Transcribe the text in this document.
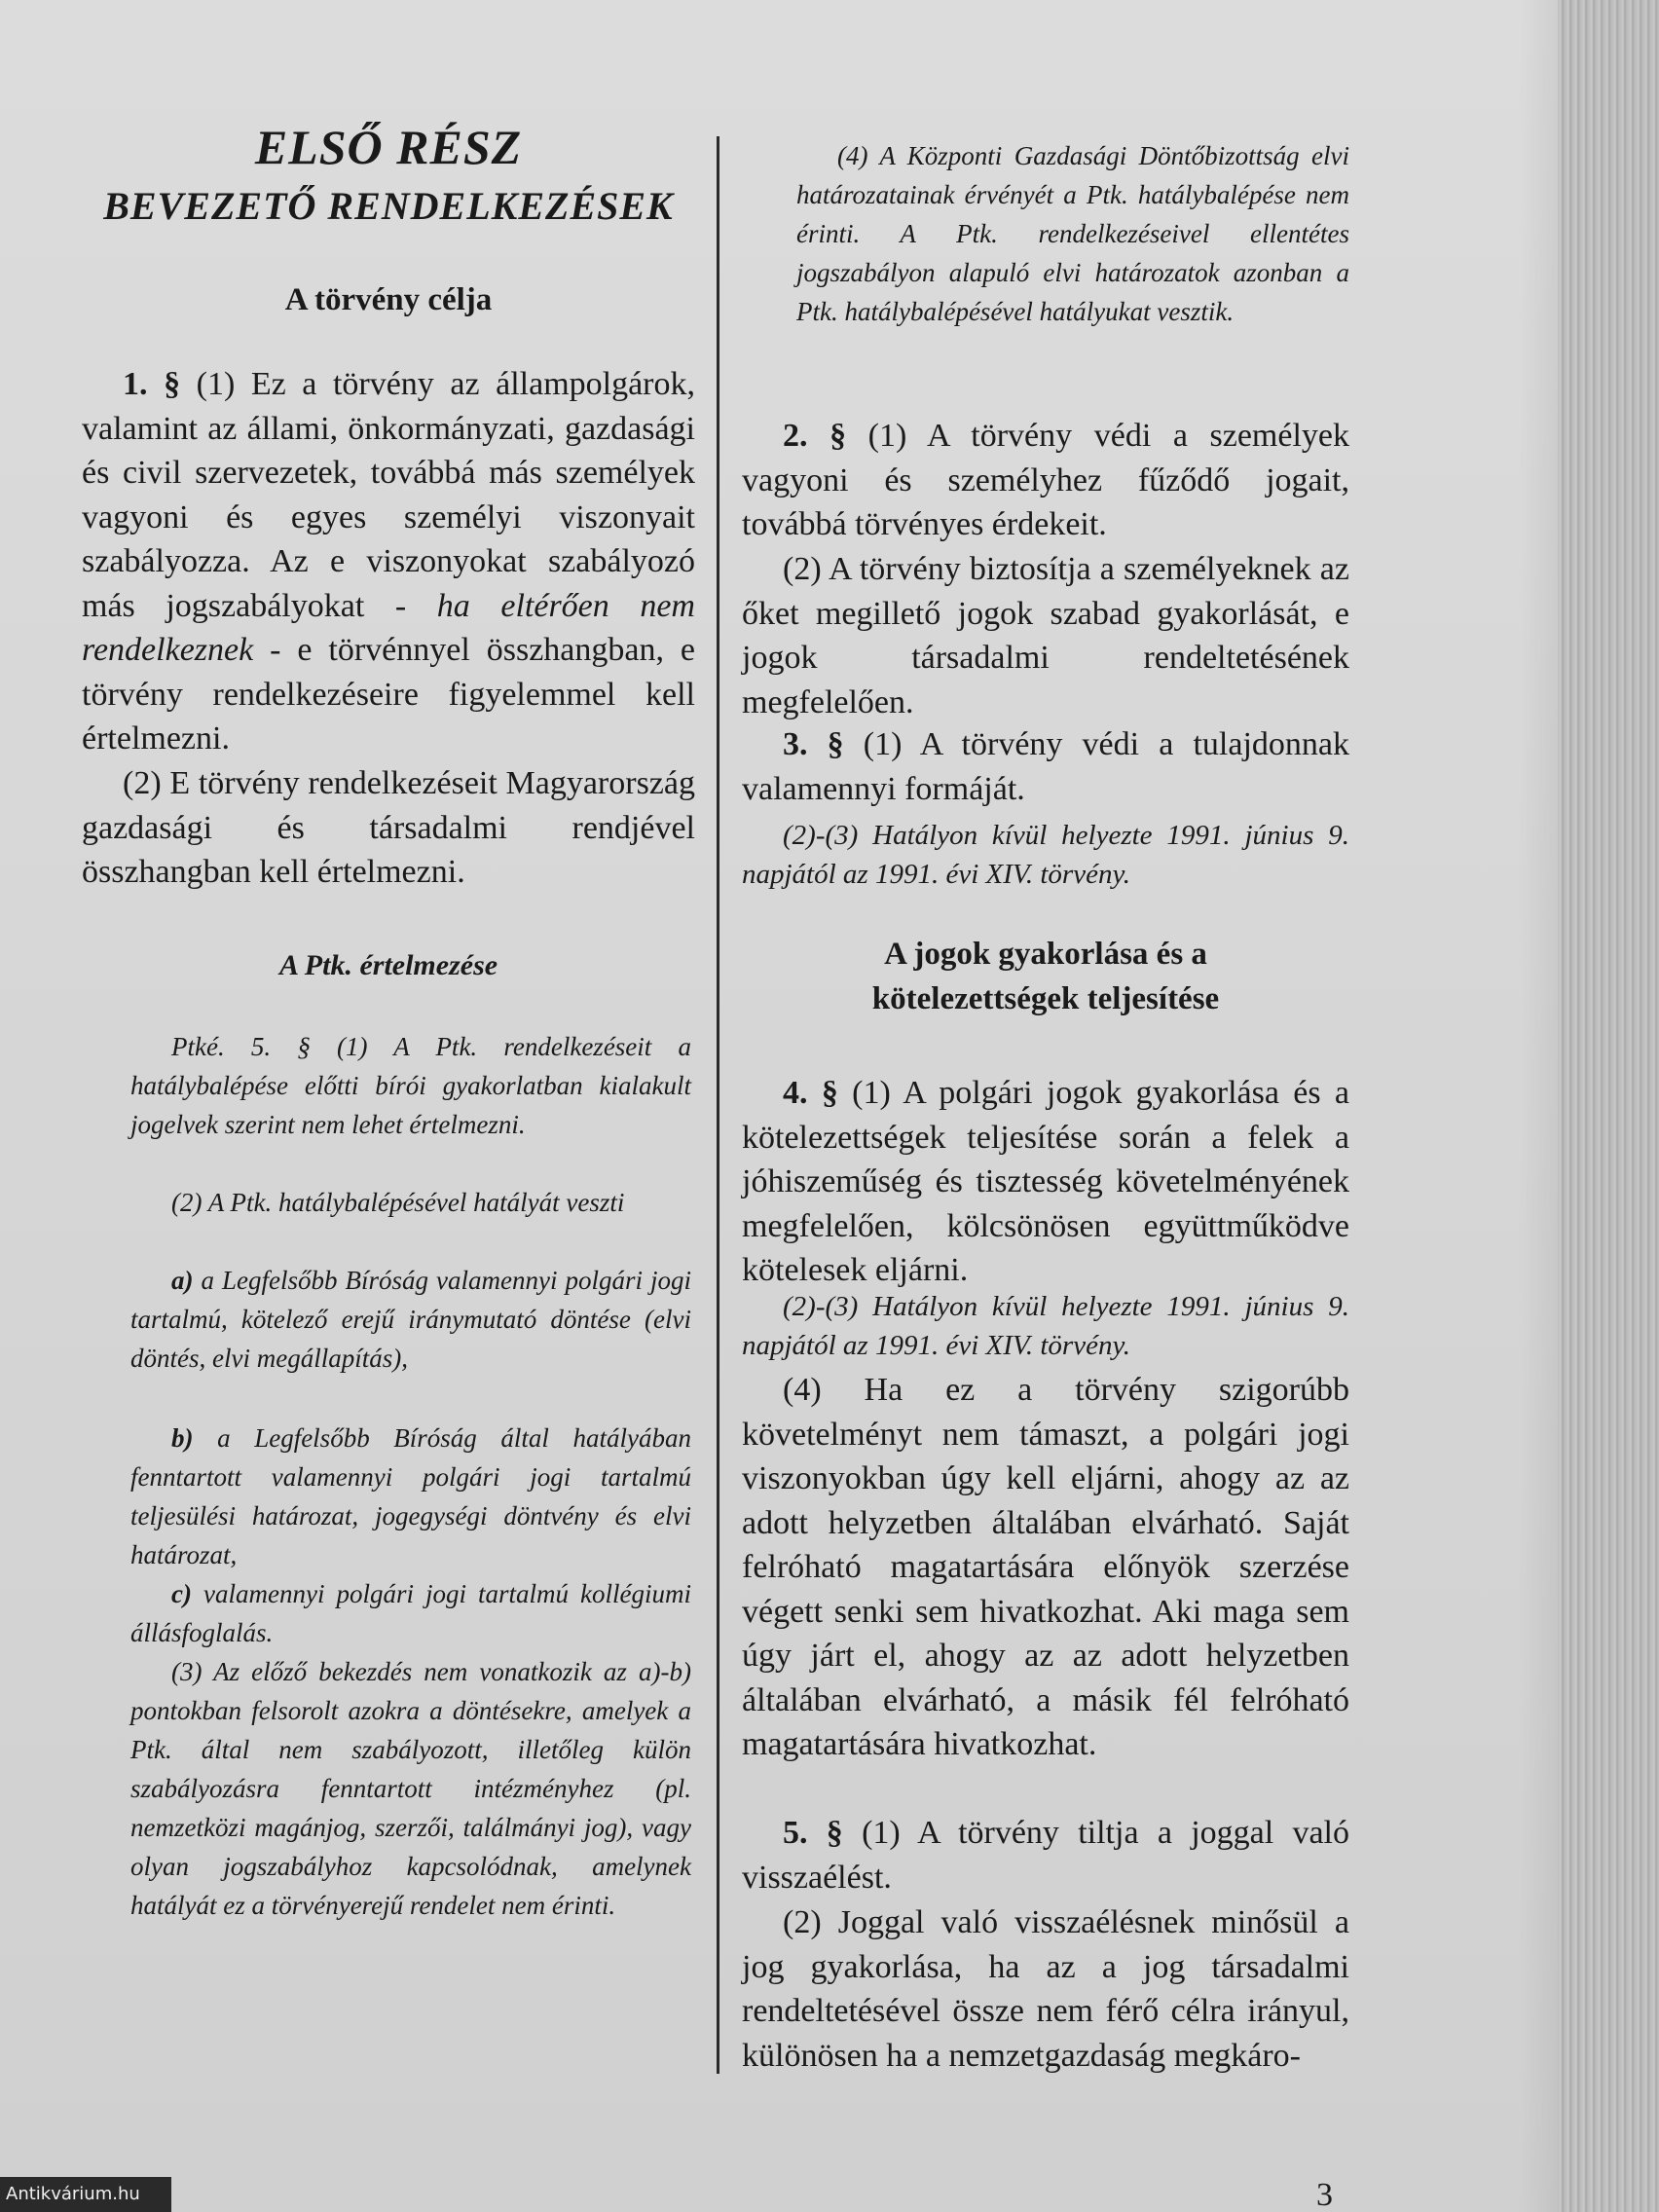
ELSŐ RÉSZ
BEVEZETŐ RENDELKEZÉSEK
A törvény célja

1. § (1) Ez a törvény az állampolgárok, valamint az állami, önkormányzati, gazdasági és civil szervezetek, továbbá más személyek vagyoni és egyes személyi viszonyait szabályozza. Az e viszonyokat szabályozó más jogszabályokat - ha eltérően nem rendelkeznek - e törvénnyel összhangban, e törvény rendelkezéseire figyelemmel kell értelmezni.

(2) E törvény rendelkezéseit Magyarország gazdasági és társadalmi rendjével összhangban kell értelmezni.

A Ptk. értelmezése

Ptké. 5. § (1) A Ptk. rendelkezéseit a hatálybalépése előtti bírói gyakorlatban kialakult jogelvek szerint nem lehet értelmezni.

(2) A Ptk. hatálybalépésével hatályát veszti

a) a Legfelsőbb Bíróság valamennyi polgári jogi tartalmú, kötelező erejű iránymutató döntése (elvi döntés, elvi megállapítás),

b) a Legfelsőbb Bíróság által hatályában fenntartott valamennyi polgári jogi tartalmú teljesülési határozat, jogegységi döntvény és elvi határozat,

c) valamennyi polgári jogi tartalmú kollégiumi állásfoglalás.

(3) Az előző bekezdés nem vonatkozik az a)-b) pontokban felsorolt azokra a döntésekre, amelyek a Ptk. által nem szabályozott, illetőleg külön szabályozásra fenntartott intézményhez (pl. nemzetközi magánjog, szerzői, találmányi jog), vagy olyan jogszabályhoz kapcsolódnak, amelynek hatályát ez a törvényerejű rendelet nem érinti.

(4) A Központi Gazdasági Döntőbizottság elvi határozatainak érvényét a Ptk. hatálybalépése nem érinti. A Ptk. rendelkezéseivel ellentétes jogszabályon alapuló elvi határozatok azonban a Ptk. hatálybalépésével hatályukat vesztik.

2. § (1) A törvény védi a személyek vagyoni és személyhez fűződő jogait, továbbá törvényes érdekeit.

(2) A törvény biztosítja a személyeknek az őket megillető jogok szabad gyakorlását, e jogok társadalmi rendeltetésének megfelelően.

3. § (1) A törvény védi a tulajdonnak valamennyi formáját.

(2)-(3) Hatályon kívül helyezte 1991. június 9. napjától az 1991. évi XIV. törvény.

A jogok gyakorlása és a
kötelezettségek teljesítése

4. § (1) A polgári jogok gyakorlása és a kötelezettségek teljesítése során a felek a jóhiszeműség és tisztesség követelményének megfelelően, kölcsönösen együttműködve kötelesek eljárni.

(2)-(3) Hatályon kívül helyezte 1991. június 9. napjától az 1991. évi XIV. törvény.

(4) Ha ez a törvény szigorúbb követelményt nem támaszt, a polgári jogi viszonyokban úgy kell eljárni, ahogy az az adott helyzetben általában elvárható. Saját felróható magatartására előnyök szerzése végett senki sem hivatkozhat. Aki maga sem úgy járt el, ahogy az az adott helyzetben általában elvárható, a másik fél felróható magatartására hivatkozhat.

5. § (1) A törvény tiltja a joggal való visszaélést.

(2) Joggal való visszaélésnek minősül a jog gyakorlása, ha az a jog társadalmi rendeltetésével össze nem férő célra irányul, különösen ha a nemzetgazdaság megkáro-

3
Antikvárium.hu
